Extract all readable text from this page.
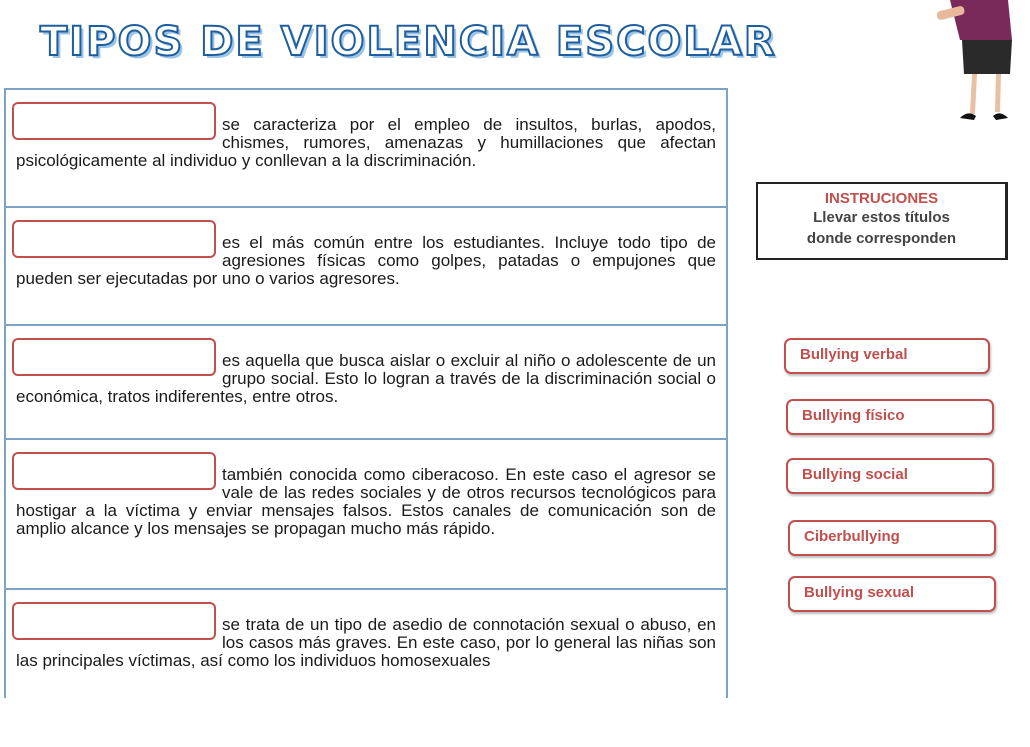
TIPOS DE VIOLENCIA ESCOLAR

se caracteriza por el empleo de insultos, burlas, apodos, chismes, rumores, amenazas y humillaciones que afectan psicológicamente al individuo y conllevan a la discriminación.

es el más común entre los estudiantes. Incluye todo tipo de agresiones físicas como golpes, patadas o empujones que pueden ser ejecutadas por uno o varios agresores.

es aquella que busca aislar o excluir al niño o adolescente de un grupo social. Esto lo logran a través de la discriminación social o económica, tratos indiferentes, entre otros.

también conocida como ciberacoso. En este caso el agresor se vale de las redes sociales y de otros recursos tecnológicos para hostigar a la víctima y enviar mensajes falsos. Estos canales de comunicación son de amplio alcance y los mensajes se propagan mucho más rápido.

se trata de un tipo de asedio de connotación sexual o abuso, en los casos más graves. En este caso, por lo general las niñas son las principales víctimas, así como los individuos homosexuales

INSTRUCIONES
Llevar estos títulos
donde corresponden
Bullying verbal
Bullying físico
Bullying social
Ciberbullying
Bullying sexual
